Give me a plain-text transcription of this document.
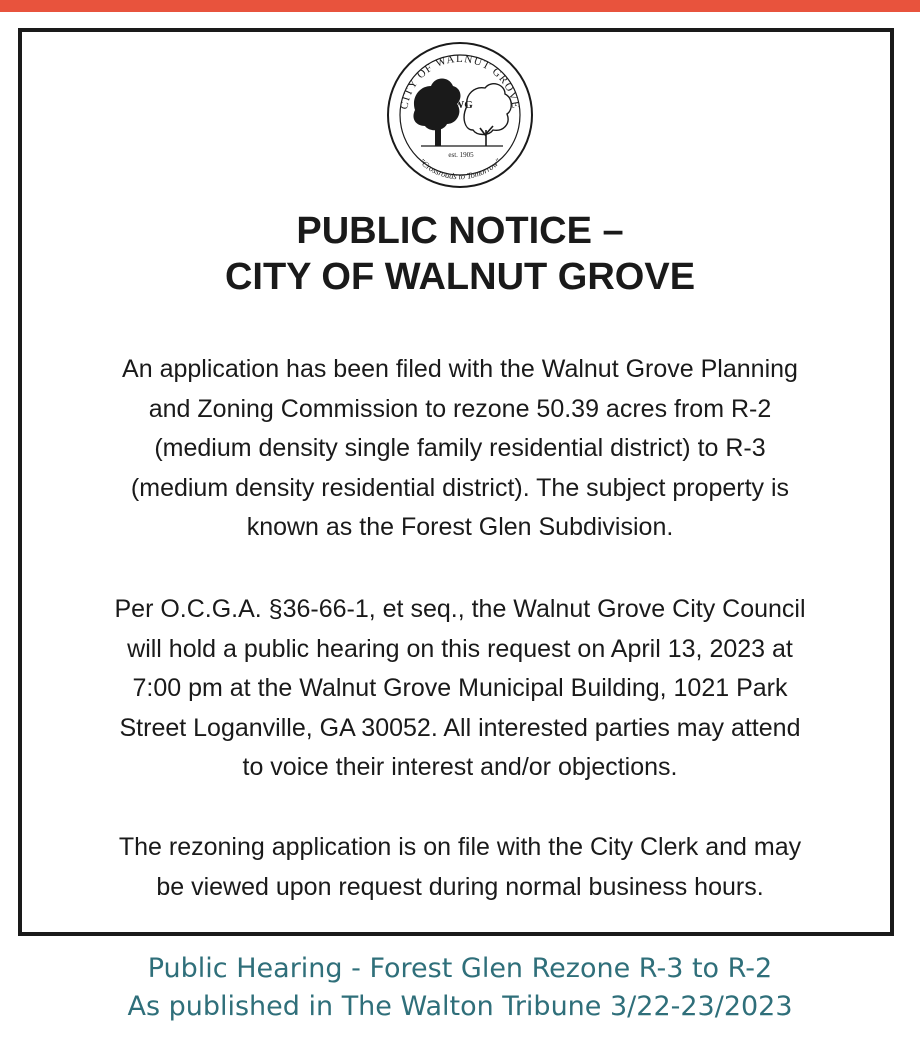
CITY OF WALNUT GROVE
"Crossroads to Tomorrow"
WG
est. 1905
PUBLIC NOTICE –
CITY OF WALNUT GROVE
An application has been filed with the Walnut Grove Planning
and Zoning Commission to rezone 50.39 acres from R-2
(medium density single family residential district) to R-3
(medium density residential district). The subject property is
known as the Forest Glen Subdivision.
Per O.C.G.A. §36-66-1, et seq., the Walnut Grove City Council
will hold a public hearing on this request on April 13, 2023 at
7:00 pm at the Walnut Grove Municipal Building, 1021 Park
Street Loganville, GA 30052. All interested parties may attend
to voice their interest and/or objections.
The rezoning application is on file with the City Clerk and may
be viewed upon request during normal business hours.
Public Hearing - Forest Glen Rezone R-3 to R-2
As published in The Walton Tribune 3/22-23/2023
